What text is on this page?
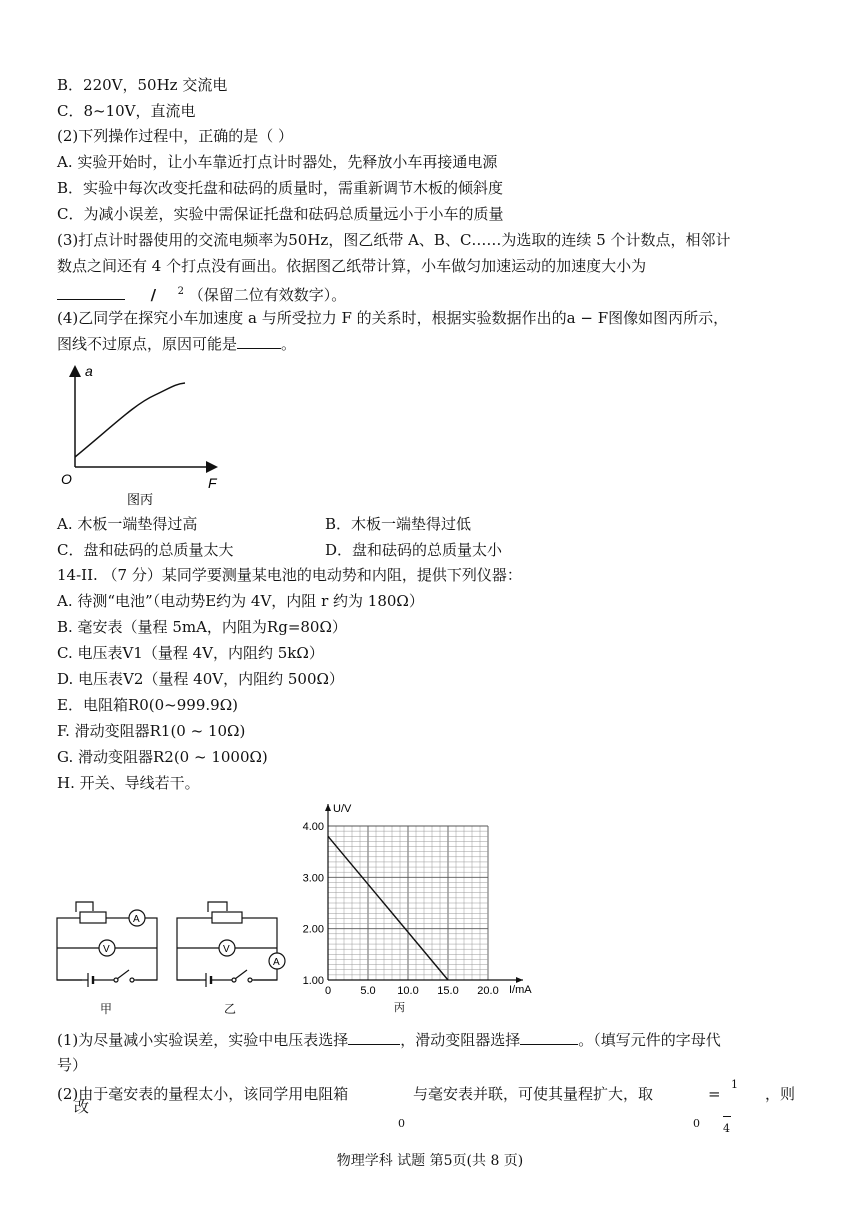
B．220V，50Hz 交流电
C．8~10V，直流电
(2)下列操作过程中，正确的是（ ）
A. 实验开始时，让小车靠近打点计时器处，先释放小车再接通电源
B．实验中每次改变托盘和砝码的质量时，需重新调节木板的倾斜度
C．为减小误差，实验中需保证托盘和砝码总质量远小于小车的质量
(3)打点计时器使用的交流电频率为50Hz，图乙纸带 A、B、C……为选取的连续 5 个计数点，相邻计
数点之间还有 4 个打点没有画出。依据图乙纸带计算，小车做匀加速运动的加速度大小为
/ $^2$ （保留二位有效数字）。
(4)乙同学在探究小车加速度 a 与所受拉力 F 的关系时，根据实验数据作出的a − F图像如图丙所示，
图线不过原点，原因可能是	。
a
O	F
图丙
A. 木板一端垫得过高	B．木板一端垫得过低
C．盘和砝码的总质量太大	D．盘和砝码的总质量太小
14-II. （7 分）某同学要测量某电池的电动势和内阻，提供下列仪器：
A. 待测“电池”（电动势E约为 4V，内阻 r 约为 180Ω）
B. 毫安表（量程 5mA，内阻为Rg=80Ω）
C. 电压表V1（量程 4V，内阻约 5kΩ）
D. 电压表V2（量程 40V，内阻约 500Ω）
E．电阻箱R0(0~999.9Ω)
F. 滑动变阻器R1(0 ~ 10Ω)
G. 滑动变阻器R2(0 ~ 1000Ω)
H. 开关、导线若干。
A
V
甲
V
A
乙
0	5.0 10.0 15.0 20.0
1.00
2.00
3.00
4.00
U/V
I/mA
丙
(1)为尽量减小实验误差，实验中电压表选择	，滑动变阻器选择	。（填写元件的字母代
号）
(2)由于毫安表的量程太小，该同学用电阻箱	与毫安表并联，可使其量程扩大，取	=
1
，则
改
0	0 4
物理学科 试题 第5页(共 8 页)
